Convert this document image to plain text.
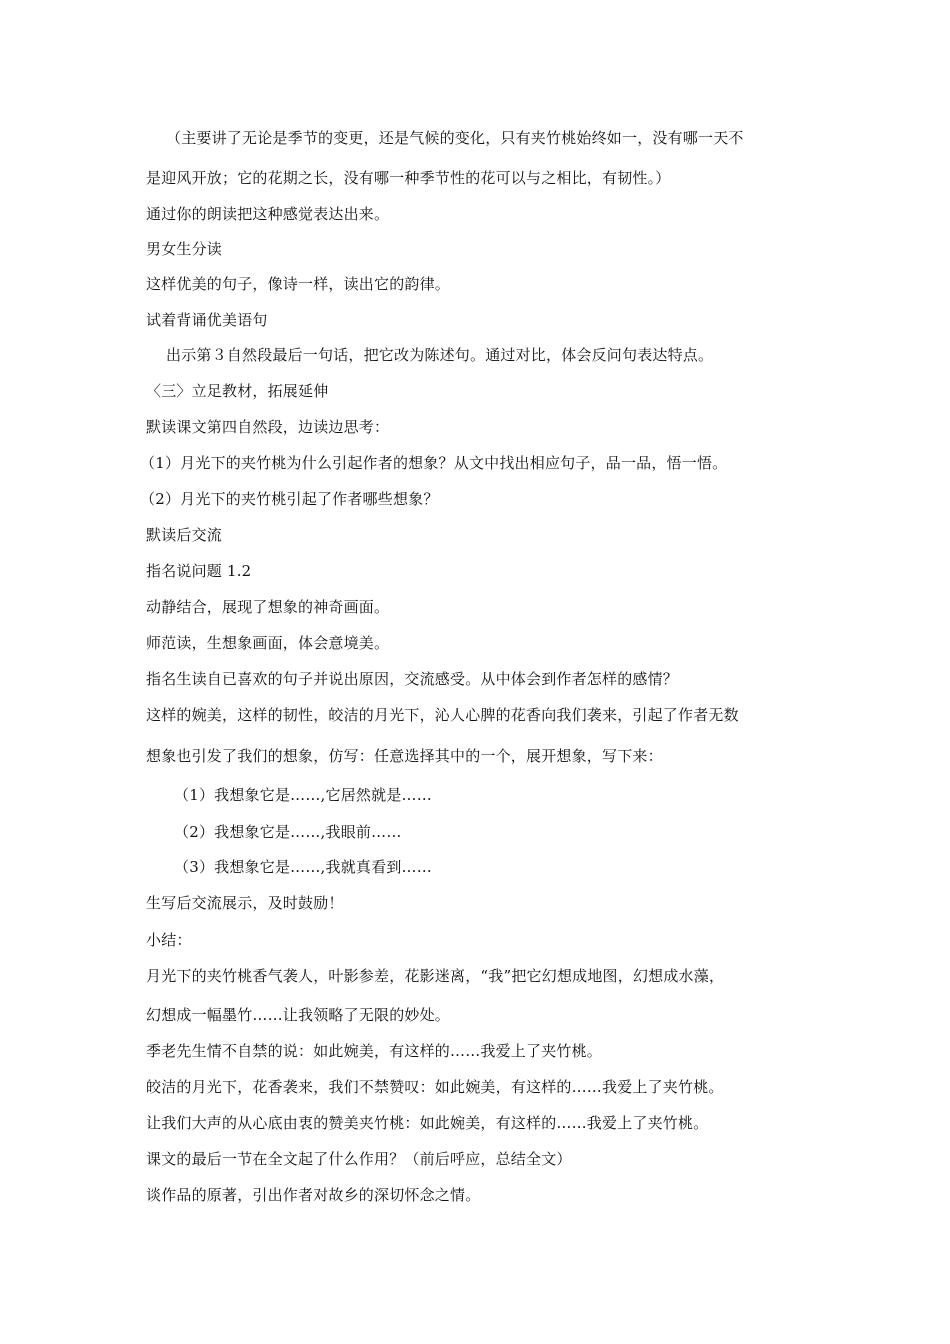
（主要讲了无论是季节的变更，还是气候的变化，只有夹竹桃始终如一，没有哪一天不
是迎风开放；它的花期之长，没有哪一种季节性的花可以与之相比，有韧性。）
通过你的朗读把这种感觉表达出来。
男女生分读
这样优美的句子，像诗一样，读出它的韵律。
试着背诵优美语句
出示第３自然段最后一句话，把它改为陈述句。通过对比，体会反问句表达特点。
〈三〉立足教材，拓展延伸
默读课文第四自然段，边读边思考：
（1）月光下的夹竹桃为什么引起作者的想象？从文中找出相应句子，品一品，悟一悟。
（2）月光下的夹竹桃引起了作者哪些想象？
默读后交流
指名说问题 1.2
动静结合，展现了想象的神奇画面。
师范读，生想象画面，体会意境美。
指名生读自已喜欢的句子并说出原因，交流感受。从中体会到作者怎样的感情？
这样的婉美，这样的韧性，皎洁的月光下，沁人心脾的花香向我们袭来，引起了作者无数
想象也引发了我们的想象，仿写：任意选择其中的一个，展开想象，写下来：
（1）我想象它是……,它居然就是……
（2）我想象它是……,我眼前……
（3）我想象它是……,我就真看到……
生写后交流展示，及时鼓励！
小结：
月光下的夹竹桃香气袭人，叶影参差，花影迷离，“我”把它幻想成地图，幻想成水藻，
幻想成一幅墨竹……让我领略了无限的妙处。
季老先生情不自禁的说：如此婉美，有这样的……我爱上了夹竹桃。
皎洁的月光下，花香袭来，我们不禁赞叹：如此婉美，有这样的……我爱上了夹竹桃。
让我们大声的从心底由衷的赞美夹竹桃：如此婉美，有这样的……我爱上了夹竹桃。
课文的最后一节在全文起了什么作用？（前后呼应，总结全文）
谈作品的原著，引出作者对故乡的深切怀念之情。
